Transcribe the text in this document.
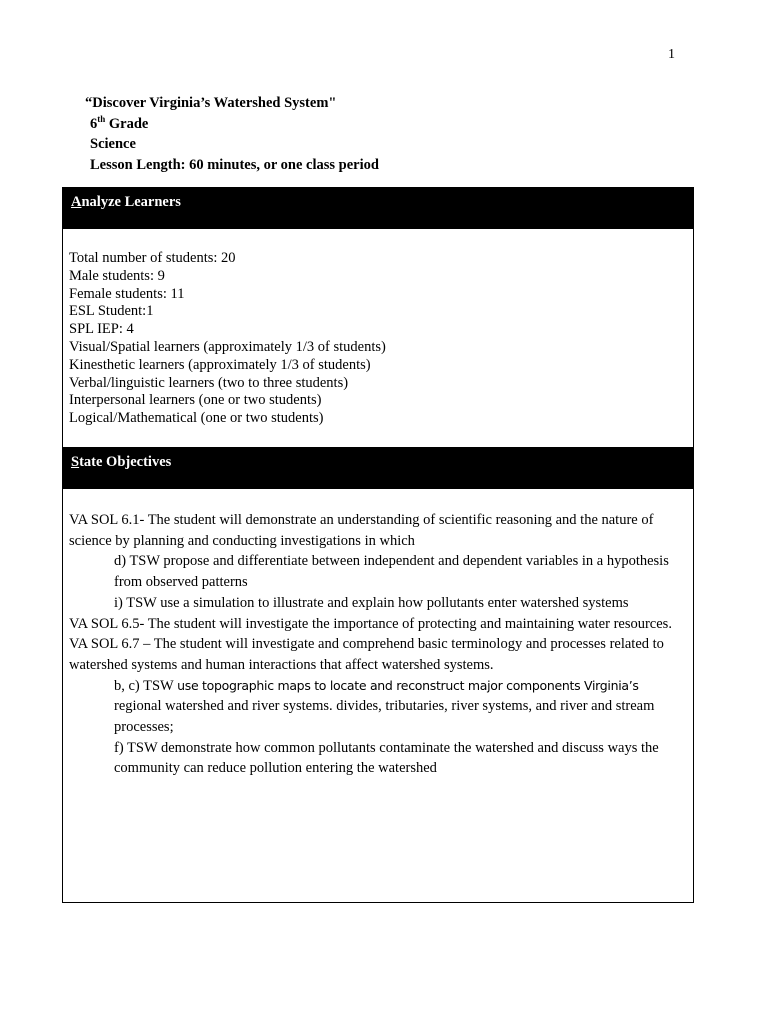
1
“Discover Virginia’s Watershed System"
6th Grade
Science
Lesson Length: 60 minutes, or one class period
Analyze Learners
Total number of students: 20
Male students: 9
Female students: 11
ESL Student:1
SPL IEP: 4
Visual/Spatial learners (approximately 1/3 of students)
Kinesthetic learners (approximately 1/3 of students)
Verbal/linguistic learners (two to three students)
Interpersonal learners (one or two students)
Logical/Mathematical (one or two students)
State Objectives
VA SOL 6.1- The student will demonstrate an understanding of scientific reasoning and the nature of science by planning and conducting investigations in which
d) TSW propose and differentiate between independent and dependent variables in a hypothesis from observed patterns
i) TSW use a simulation to illustrate and explain how pollutants enter watershed systems
VA SOL 6.5- The student will investigate the importance of protecting and maintaining water resources.
VA SOL 6.7 – The student will investigate and comprehend basic terminology and processes related to watershed systems and human interactions that affect watershed systems.
b, c) TSW use topographic maps to locate and reconstruct major components Virginia’s regional watershed and river systems. divides, tributaries, river systems, and river and stream processes;
f) TSW demonstrate how common pollutants contaminate the watershed and discuss ways the community can reduce pollution entering the watershed
